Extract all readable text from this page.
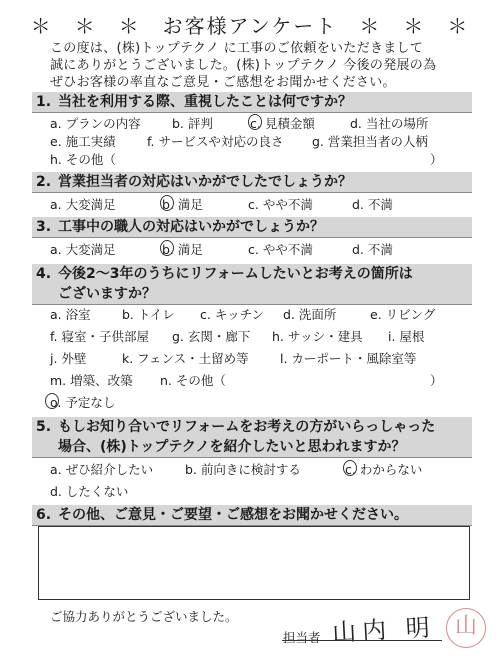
＊　＊　＊　お客様アンケート　＊　＊　＊
この度は、(株)トップテクノ に工事のご依頼をいただきまして
誠にありがとうございました。(株)トップテクノ 今後の発展の為
ぜひお客様の率直なご意見・ご感想をお聞かせください。
1. 当社を利用する際、重視したことは何ですか？
a. プランの内容	b. 評判	c. 見積金額	d. 当社の場所
e. 施工実績	f. サービスや対応の良さ g. 営業担当者の人柄
h. その他（	）
2. 営業担当者の対応はいかがでしたでしょうか？
a. 大変満足	b. 満足	c. やや不満	d. 不満
3. 工事中の職人の対応はいかがでしょうか？
a. 大変満足	b. 満足	c. やや不満	d. 不満
4. 今後2〜3年のうちにリフォームしたいとお考えの箇所は
ございますか？
a. 浴室	b. トイレ c. キッチン d. 洗面所	e. リビング
f. 寝室・子供部屋 g. 玄関・廊下 h. サッシ・建具 i. 屋根
j. 外壁	k. フェンス・土留め等	l. カーポート・風除室等
m. 増築、改築 n. その他（	）
o. 予定なし
5. もしお知り合いでリフォームをお考えの方がいらっしゃった
場合、(株)トップテクノを紹介したいと思われますか？
a. ぜひ紹介したい	b. 前向きに検討する	c. わからない
d. したくない
6. その他、ご意見・ご要望・ご感想をお聞かせください。
ご協力ありがとうございました。
担当者 山内 明 山
